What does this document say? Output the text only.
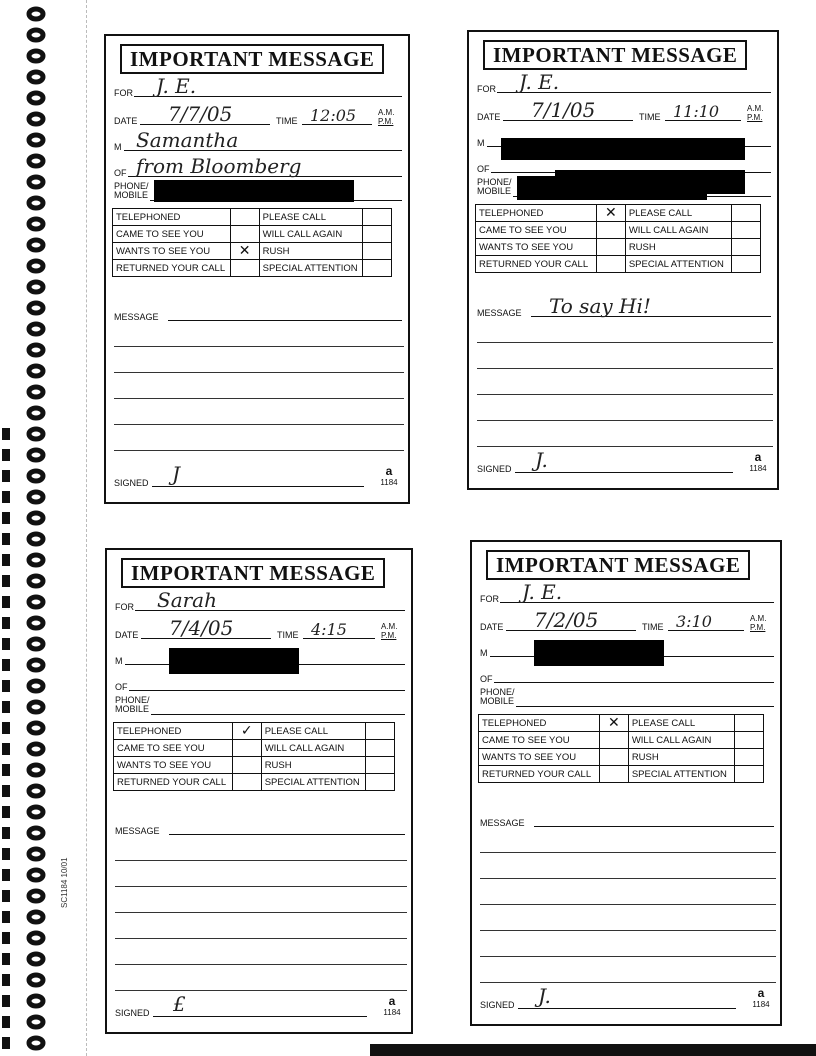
SC1184 10/01
IMPORTANT MESSAGE
FOR J. E.
DATE 7/7/05	TIME 12:05	A.M.
P.M.
M Samantha
OF from Bloomberg
PHONE/
MOBILE
TELEPHONED		PLEASE CALL	
CAME TO SEE YOU		WILL CALL AGAIN	
WANTS TO SEE YOU	✕	RUSH	
RETURNED YOUR CALL		SPECIAL ATTENTION	
MESSAGE
SIGNED J	a
1184
IMPORTANT MESSAGE
FOR J. E.
DATE 7/1/05	TIME 11:10	A.M.
P.M.
M
OF
PHONE/
MOBILE
TELEPHONED	✕	PLEASE CALL	
CAME TO SEE YOU		WILL CALL AGAIN	
WANTS TO SEE YOU		RUSH	
RETURNED YOUR CALL		SPECIAL ATTENTION	
MESSAGE To say Hi!
SIGNED J.	a
1184
IMPORTANT MESSAGE
FOR Sarah
DATE 7/4/05	TIME 4:15	A.M.
P.M.
M
OF
PHONE/
MOBILE
TELEPHONED	✓	PLEASE CALL	
CAME TO SEE YOU		WILL CALL AGAIN	
WANTS TO SEE YOU		RUSH	
RETURNED YOUR CALL		SPECIAL ATTENTION	
MESSAGE
SIGNED £	a
1184
IMPORTANT MESSAGE
FOR J. E.
DATE 7/2/05	TIME 3:10	A.M.
P.M.
M
OF
PHONE/
MOBILE
TELEPHONED	✕	PLEASE CALL	
CAME TO SEE YOU		WILL CALL AGAIN	
WANTS TO SEE YOU		RUSH	
RETURNED YOUR CALL		SPECIAL ATTENTION	
MESSAGE
SIGNED J.	a
1184
